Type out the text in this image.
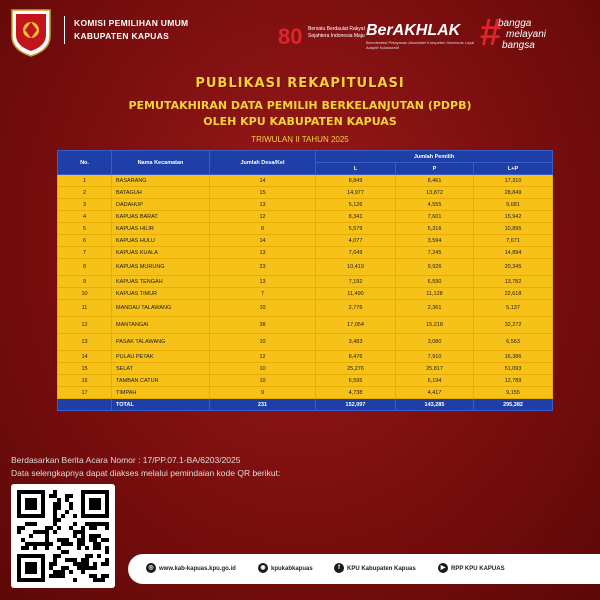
KOMISI PEMILIHAN UMUM
KABUPATEN KAPUAS	80	Bersatu Berdaulat Rakyat Sejahtera Indonesia Maju BerAKHLAK
Berorientasi Pelayanan Akuntabel Kompeten Harmonis Loyal Adaptif Kolaboratif	#
bangga
melayani
bangsa
PUBLIKASI REKAPITULASI
PEMUTAKHIRAN DATA PEMILIH BERKELANJUTAN (PDPB)
OLEH KPU KABUPATEN KAPUAS
TRIWULAN II TAHUN 2025
No.	Nama Kecamatan	Jumlah Desa/Kel	Jumlah Pemilih		
			L	P	L+P
1	BASARANG	14	8,849	8,461	17,310
2	BATAGUH	15	14,977	13,872	28,849
3	DADAHUP	13	5,126	4,555	9,681
4	KAPUAS BARAT	12	8,341	7,601	15,942
5	KAPUAS HILIR	8	5,579	5,316	10,895
6	KAPUAS HULU	14	4,077	3,594	7,671
7	KAPUAS KUALA	13	7,649	7,245	14,894
8	KAPUAS MURUNG	23	10,419	9,926	20,345
9	KAPUAS TENGAH	13	7,192	6,590	13,782
10	KAPUAS TIMUR	7	11,490	11,128	22,618
11	MANDAU TALAWANG	10	2,776	2,361	5,137
12	MANTANGAI	38	17,054	15,218	32,272
13	PASAK TALAWANG	10	3,483	3,080	6,563
14	PULAU PETAK	12	8,476	7,910	16,386
15	SELAT	10	25,276	25,817	51,093
16	TAMBAN CATUR	10	6,595	6,194	12,789
17	TIMPAH	9	4,738	4,417	9,155
	TOTAL	231	152,097	143,285	295,382
Berdasarkan Berita Acara Nomor : 17/PP.07.1-BA/6203/2025
Data selengkapnya dapat diakses melalui pemindaian kode QR berikut:
◎ www.kab-kapuas.kpu.go.id	◉ kpukabkapuas	f KPU Kabupaten Kapuas	▶ RPP KPU KAPUAS
